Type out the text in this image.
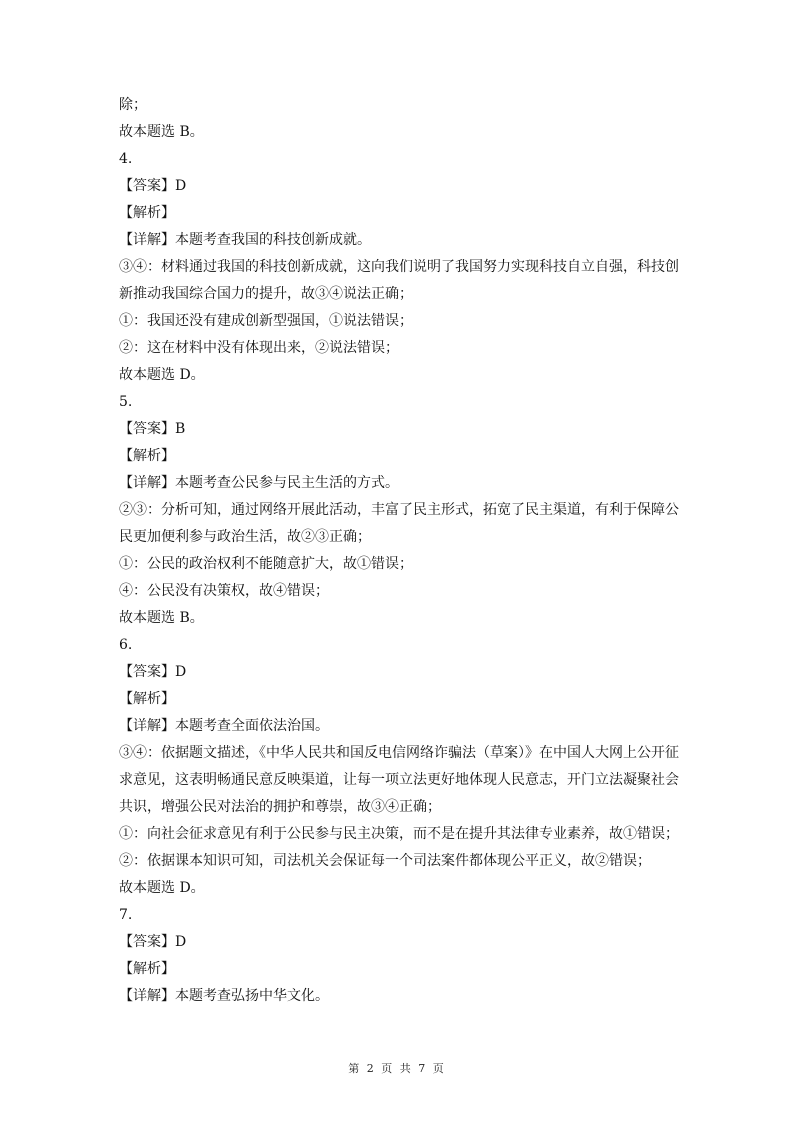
除；
故本题选 B。
4.
【答案】D
【解析】
【详解】本题考查我国的科技创新成就。
③④：材料通过我国的科技创新成就，这向我们说明了我国努力实现科技自立自强，科技创
新推动我国综合国力的提升，故③④说法正确；
①：我国还没有建成创新型强国，①说法错误；
②：这在材料中没有体现出来，②说法错误；
故本题选 D。
5.
【答案】B
【解析】
【详解】本题考查公民参与民主生活的方式。
②③：分析可知，通过网络开展此活动，丰富了民主形式，拓宽了民主渠道，有利于保障公
民更加便利参与政治生活，故②③正确；
①：公民的政治权利不能随意扩大，故①错误；
④：公民没有决策权，故④错误；
故本题选 B。
6.
【答案】D
【解析】
【详解】本题考查全面依法治国。
③④：依据题文描述，《中华人民共和国反电信网络诈骗法（草案）》在中国人大网上公开征
求意见，这表明畅通民意反映渠道，让每一项立法更好地体现人民意志，开门立法凝聚社会
共识，增强公民对法治的拥护和尊崇，故③④正确；
①：向社会征求意见有利于公民参与民主决策，而不是在提升其法律专业素养，故①错误；
②：依据课本知识可知，司法机关会保证每一个司法案件都体现公平正义，故②错误；
故本题选 D。
7.
【答案】D
【解析】
【详解】本题考查弘扬中华文化。
第 2 页 共 7 页
